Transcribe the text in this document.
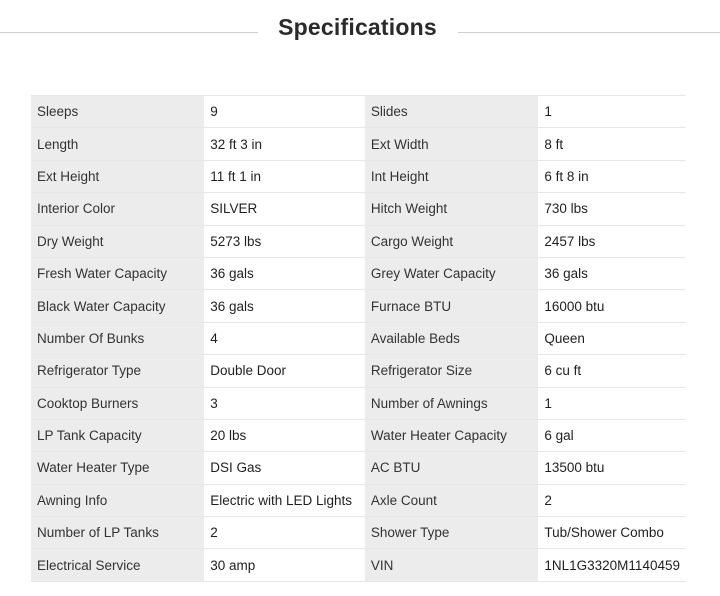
Specifications
Sleeps	9	Slides	1
Length	32 ft 3 in	Ext Width	8 ft
Ext Height	11 ft 1 in	Int Height	6 ft 8 in
Interior Color	SILVER	Hitch Weight	730 lbs
Dry Weight	5273 lbs	Cargo Weight	2457 lbs
Fresh Water Capacity	36 gals	Grey Water Capacity	36 gals
Black Water Capacity	36 gals	Furnace BTU	16000 btu
Number Of Bunks	4	Available Beds	Queen
Refrigerator Type	Double Door	Refrigerator Size	6 cu ft
Cooktop Burners	3	Number of Awnings	1
LP Tank Capacity	20 lbs	Water Heater Capacity	6 gal
Water Heater Type	DSI Gas	AC BTU	13500 btu
Awning Info	Electric with LED Lights	Axle Count	2
Number of LP Tanks	2	Shower Type	Tub/Shower Combo
Electrical Service	30 amp	VIN	1NL1G3320M1140459
